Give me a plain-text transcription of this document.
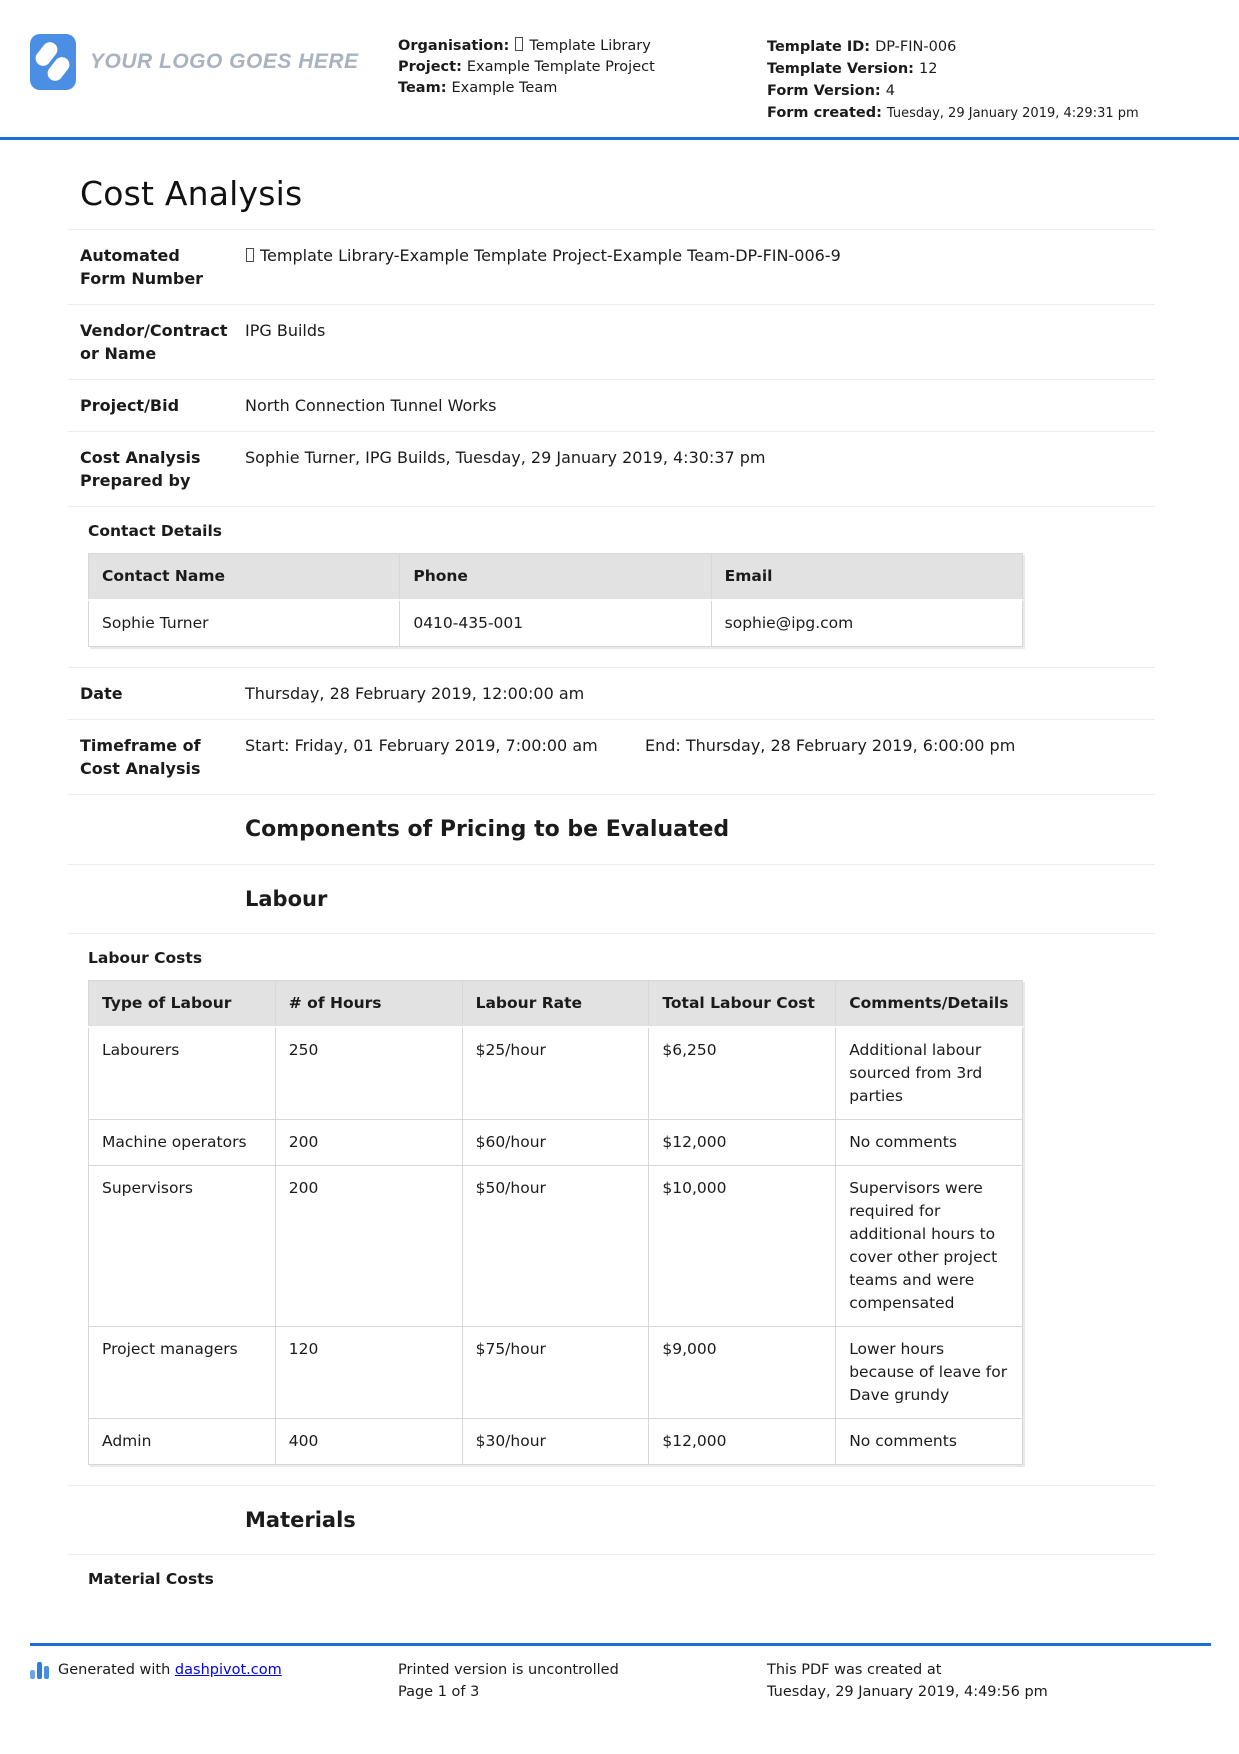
YOUR LOGO GOES HERE
Organisation: Template Library
Project: Example Template Project
Team: Example Team
Template ID: DP-FIN-006
Template Version: 12
Form Version: 4
Form created: Tuesday, 29 January 2019, 4:29:31 pm
Cost Analysis
Automated Form Number
Template Library-Example Template Project-Example Team-DP-FIN-006-9
Vendor/Contractor Name
IPG Builds
Project/Bid	North Connection Tunnel Works
Cost Analysis Prepared by
Sophie Turner, IPG Builds, Tuesday, 29 January 2019, 4:30:37 pm
Contact Details
Contact Name	Phone	Email
Sophie Turner	0410-435-001	sophie@ipg.com
Date	Thursday, 28 February 2019, 12:00:00 am
Timeframe of Cost Analysis
Start: Friday, 01 February 2019, 7:00:00 am	End: Thursday, 28 February 2019, 6:00:00 pm
Components of Pricing to be Evaluated
Labour
Labour Costs
Type of Labour	# of Hours	Labour Rate	Total Labour Cost	Comments/Details
Labourers	250	$25/hour	$6,250	Additional labour sourced from 3rd parties
Machine operators	200	$60/hour	$12,000	No comments
Supervisors	200	$50/hour	$10,000	Supervisors were required for additional hours to cover other project teams and were compensated
Project managers	120	$75/hour	$9,000	Lower hours because of leave for Dave grundy
Admin	400	$30/hour	$12,000	No comments
Materials
Material Costs
Generated with dashpivot.com	Printed version is uncontrolled
Page 1 of 3
This PDF was created at
Tuesday, 29 January 2019, 4:49:56 pm
